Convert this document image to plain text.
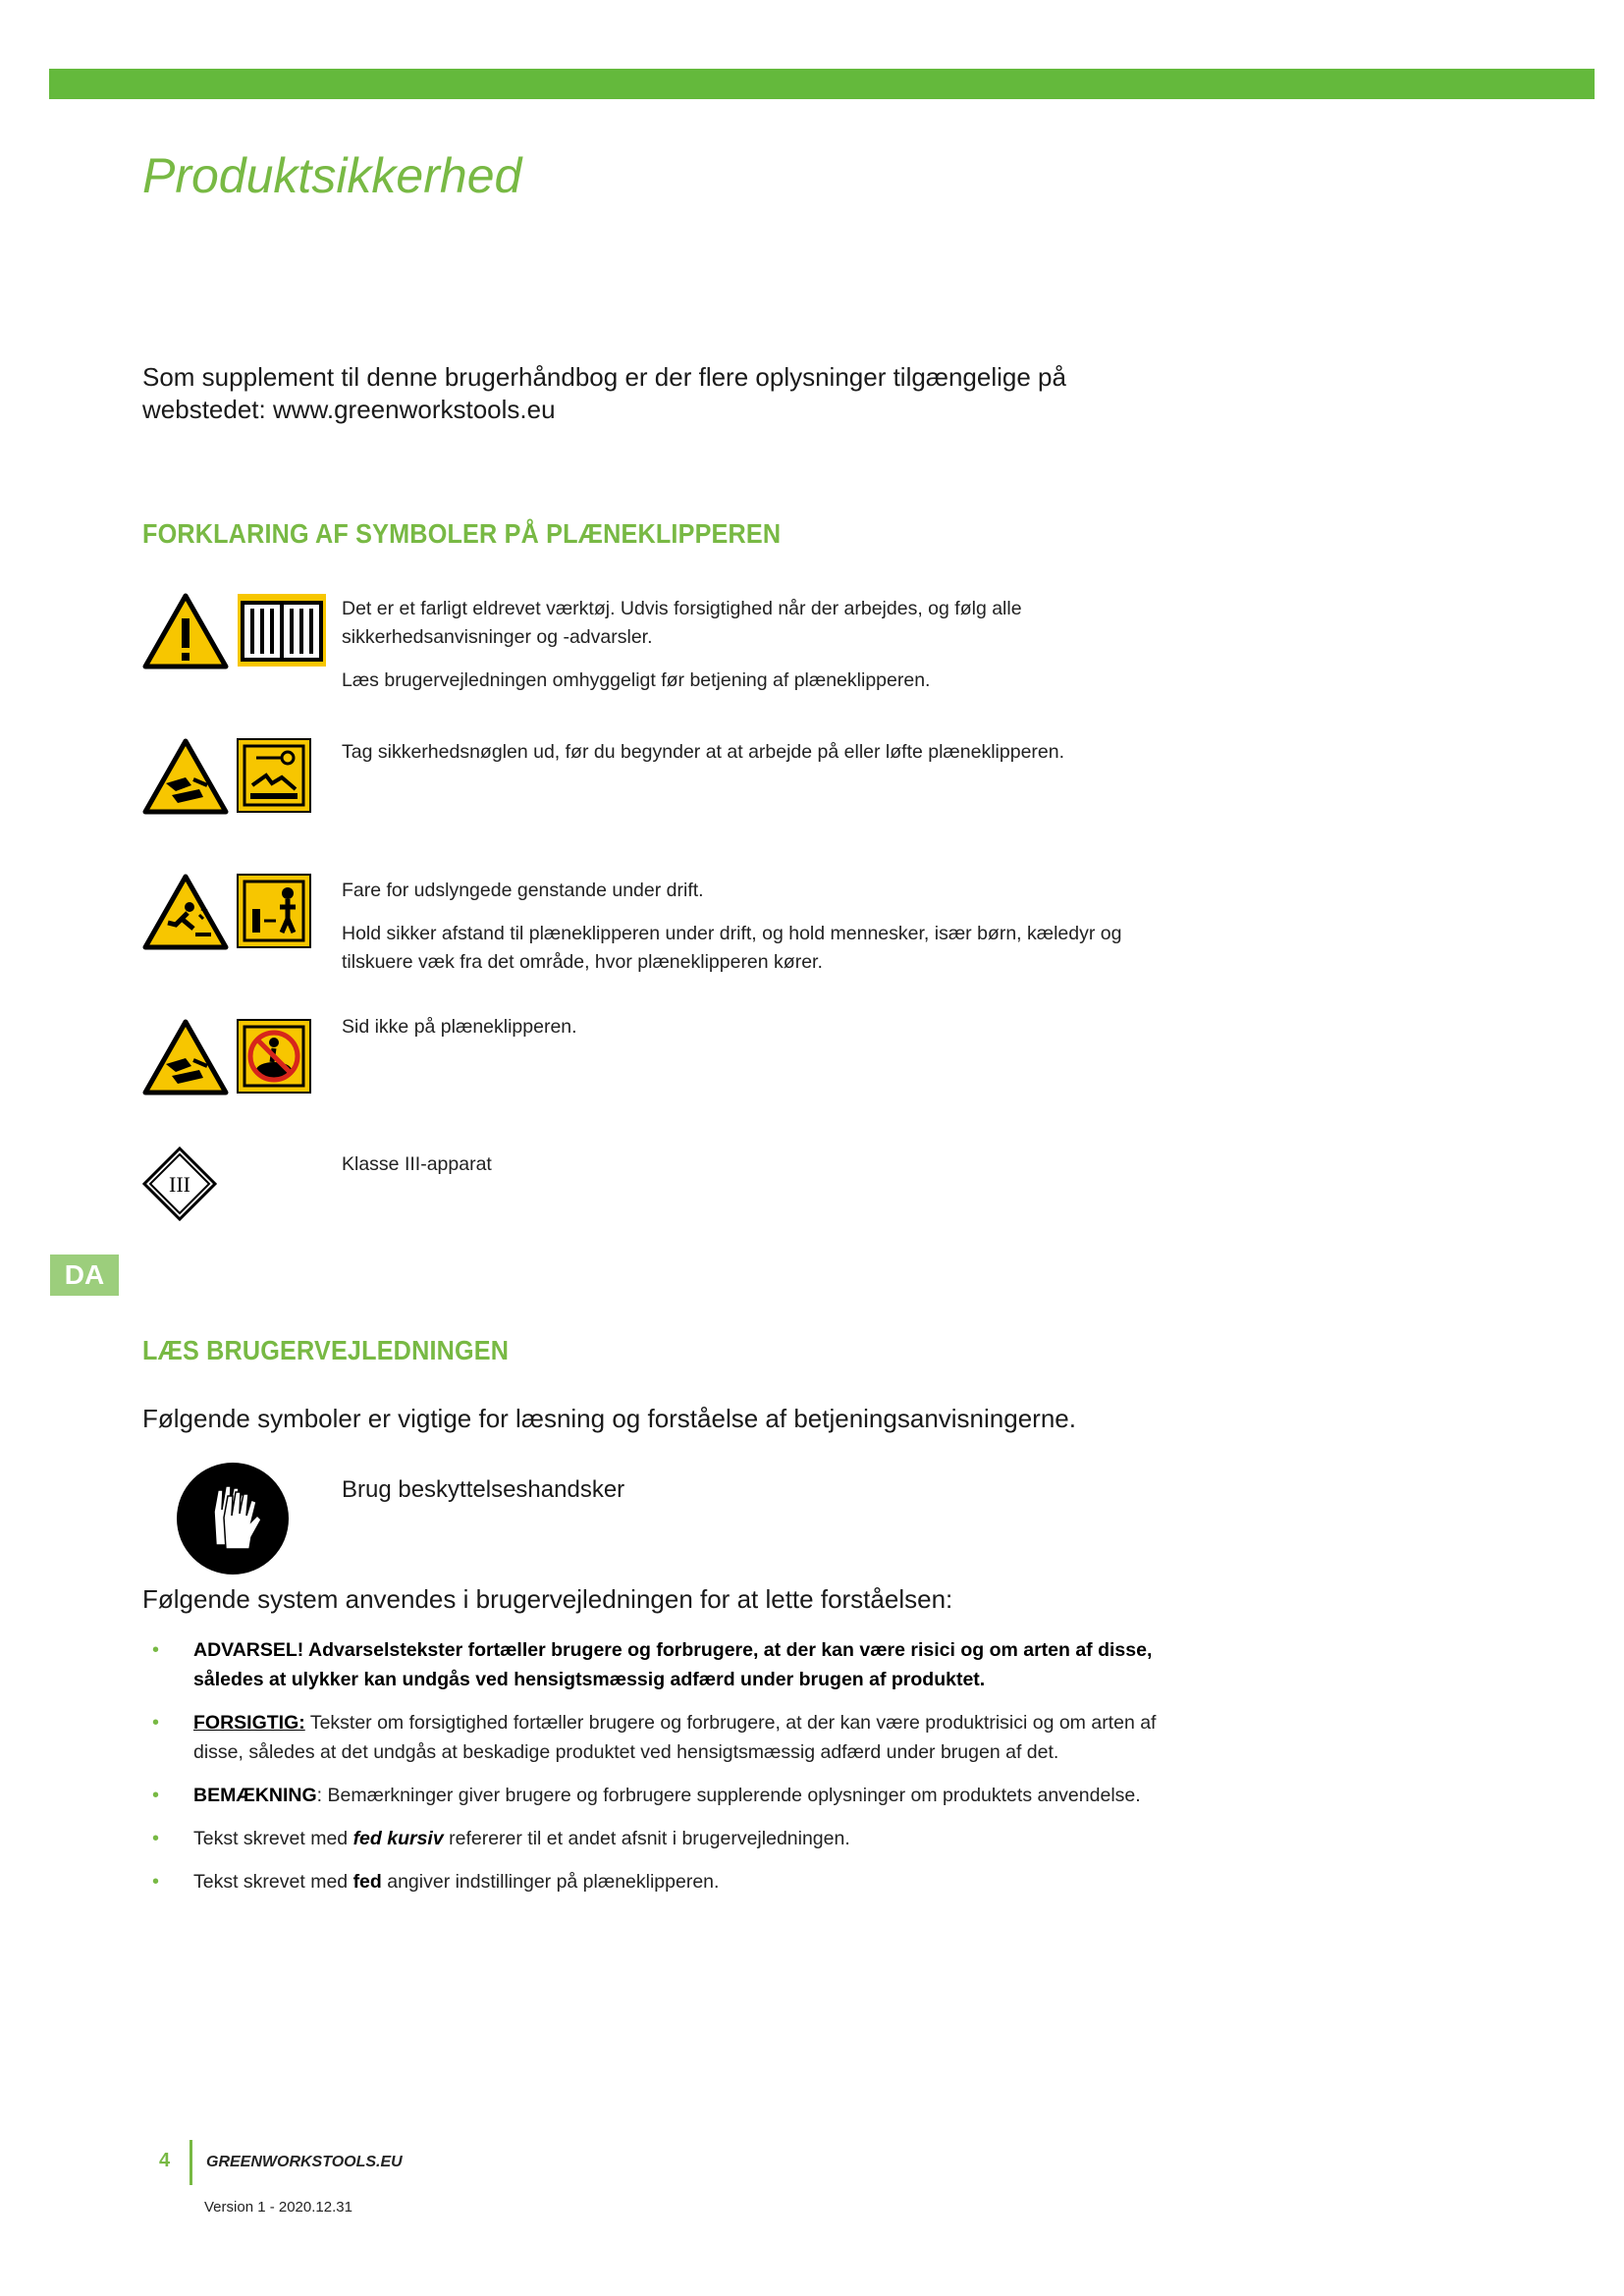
Produktsikkerhed

Som supplement til denne brugerhåndbog er der flere oplysninger tilgængelige på

webstedet: www.greenworkstools.eu

FORKLARING AF SYMBOLER PÅ PLÆNEKLIPPEREN

Det er et farligt eldrevet værktøj. Udvis forsigtighed når der arbejdes, og følg alle sikkerhedsanvisninger og -advarsler.

Læs brugervejledningen omhyggeligt før betjening af plæneklipperen.

Tag sikkerhedsnøglen ud, før du begynder at at arbejde på eller løfte plæneklipperen.

Fare for udslyngede genstande under drift.

Hold sikker afstand til plæneklipperen under drift, og hold mennesker, især børn, kæledyr og tilskuere væk fra det område, hvor plæneklipperen kører.

Sid ikke på plæneklipperen.

III

Klasse III-apparat

DA
LÆS BRUGERVEJLEDNINGEN
Følgende symboler er vigtige for læsning og forståelse af betjeningsanvisningerne.
Brug beskyttelseshandsker
Følgende system anvendes i brugervejledningen for at lette forståelsen:
•	ADVARSEL! Advarselstekster fortæller brugere og forbrugere, at der kan være risici og om arten af disse, således at ulykker kan undgås ved hensigtsmæssig adfærd under brugen af produktet.
•	FORSIGTIG: Tekster om forsigtighed fortæller brugere og forbrugere, at der kan være produktrisici og om arten af disse, således at det undgås at beskadige produktet ved hensigtsmæssig adfærd under brugen af det.
•	BEMÆKNING: Bemærkninger giver brugere og forbrugere supplerende oplysninger om produktets anvendelse.
•	Tekst skrevet med fed kursiv refererer til et andet afsnit i brugervejledningen.
•	Tekst skrevet med fed angiver indstillinger på plæneklipperen.
4 GREENWORKSTOOLS.EU
Version 1 - 2020.12.31
